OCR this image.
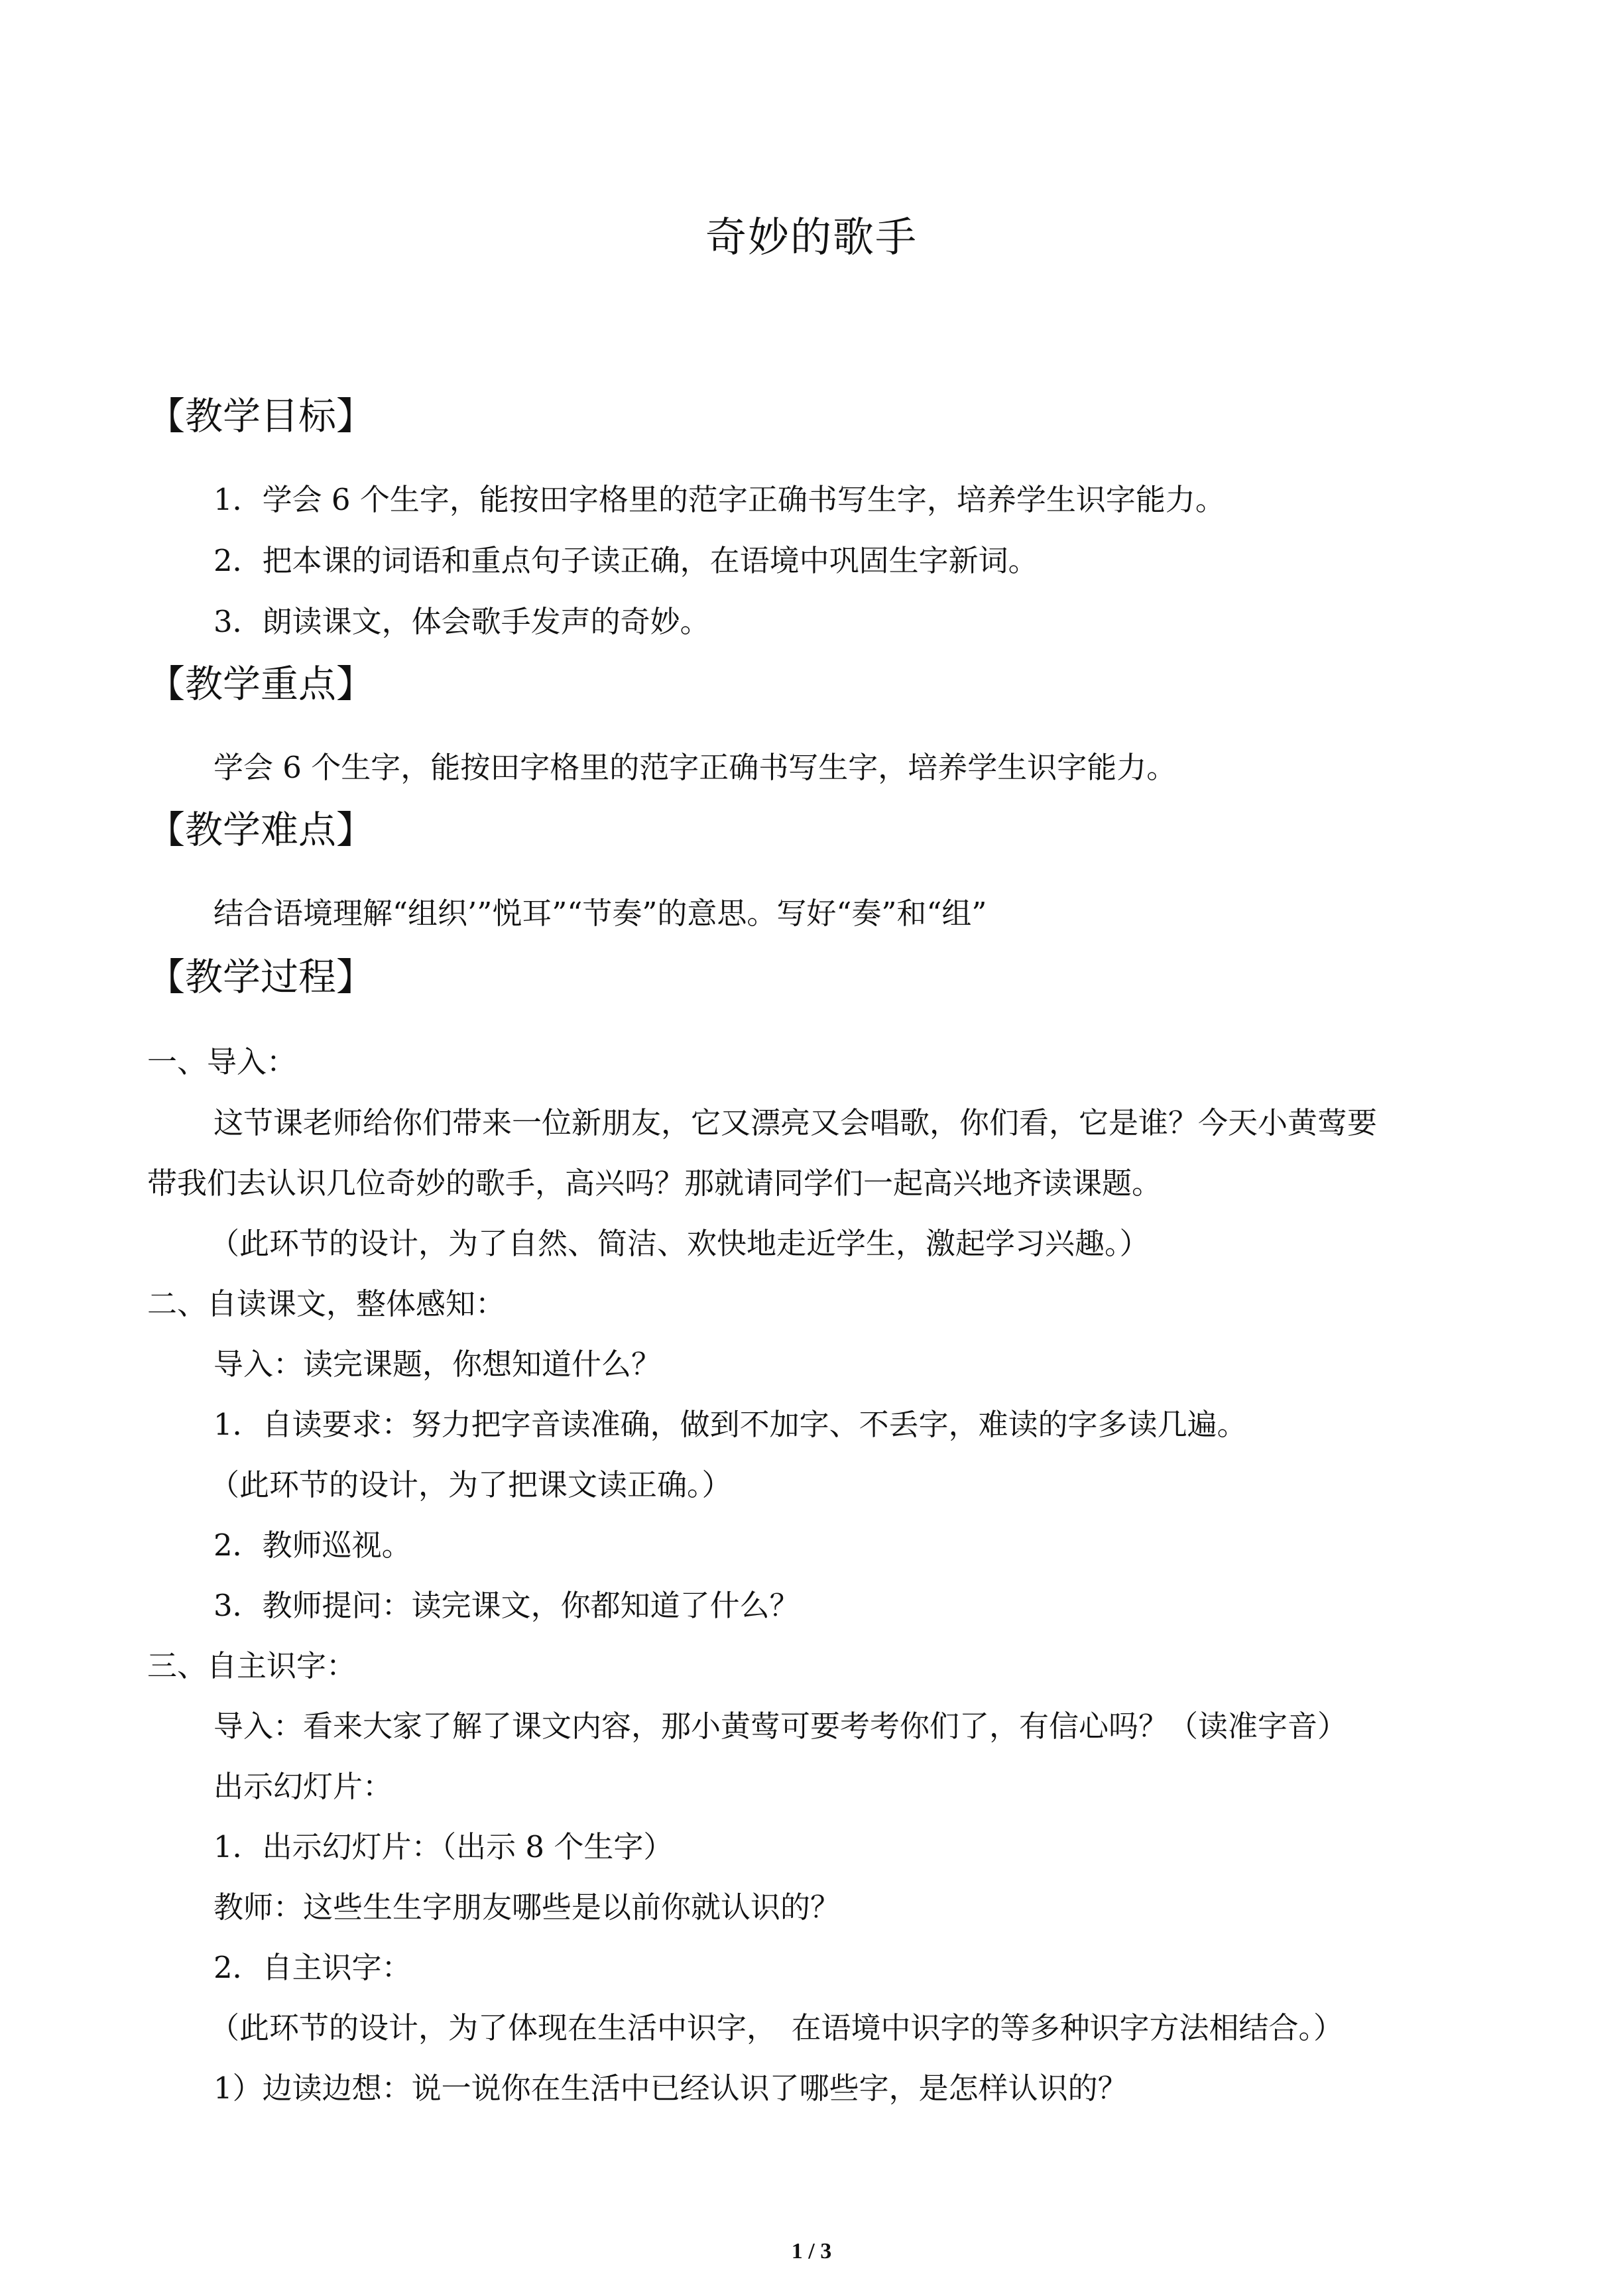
奇妙的歌手
【教学目标】
1．学会 6 个生字，能按田字格里的范字正确书写生字，培养学生识字能力。
2．把本课的词语和重点句子读正确，在语境中巩固生字新词。
3．朗读课文，体会歌手发声的奇妙。
【教学重点】
学会 6 个生字，能按田字格里的范字正确书写生字，培养学生识字能力。
【教学难点】
结合语境理解“组织’”悦耳”“节奏”的意思。写好“奏”和“组”
【教学过程】
一、导入：
这节课老师给你们带来一位新朋友，它又漂亮又会唱歌，你们看，它是谁？今天小黄莺要
带我们去认识几位奇妙的歌手，高兴吗？那就请同学们一起高兴地齐读课题。
（此环节的设计，为了自然、简洁、欢快地走近学生，激起学习兴趣。）
二、自读课文，整体感知：
导入：读完课题，你想知道什么？
1．自读要求：努力把字音读准确，做到不加字、不丢字，难读的字多读几遍。
（此环节的设计，为了把课文读正确。）
2．教师巡视。
3．教师提问：读完课文，你都知道了什么？
三、自主识字：
导入：看来大家了解了课文内容，那小黄莺可要考考你们了，有信心吗？（读准字音）
出示幻灯片：
1．出示幻灯片：（出示 8 个生字）
教师：这些生生字朋友哪些是以前你就认识的？
2．自主识字：
（此环节的设计，为了体现在生活中识字，　在语境中识字的等多种识字方法相结合。）
1）边读边想：说一说你在生活中已经认识了哪些字，是怎样认识的？
1 / 3
